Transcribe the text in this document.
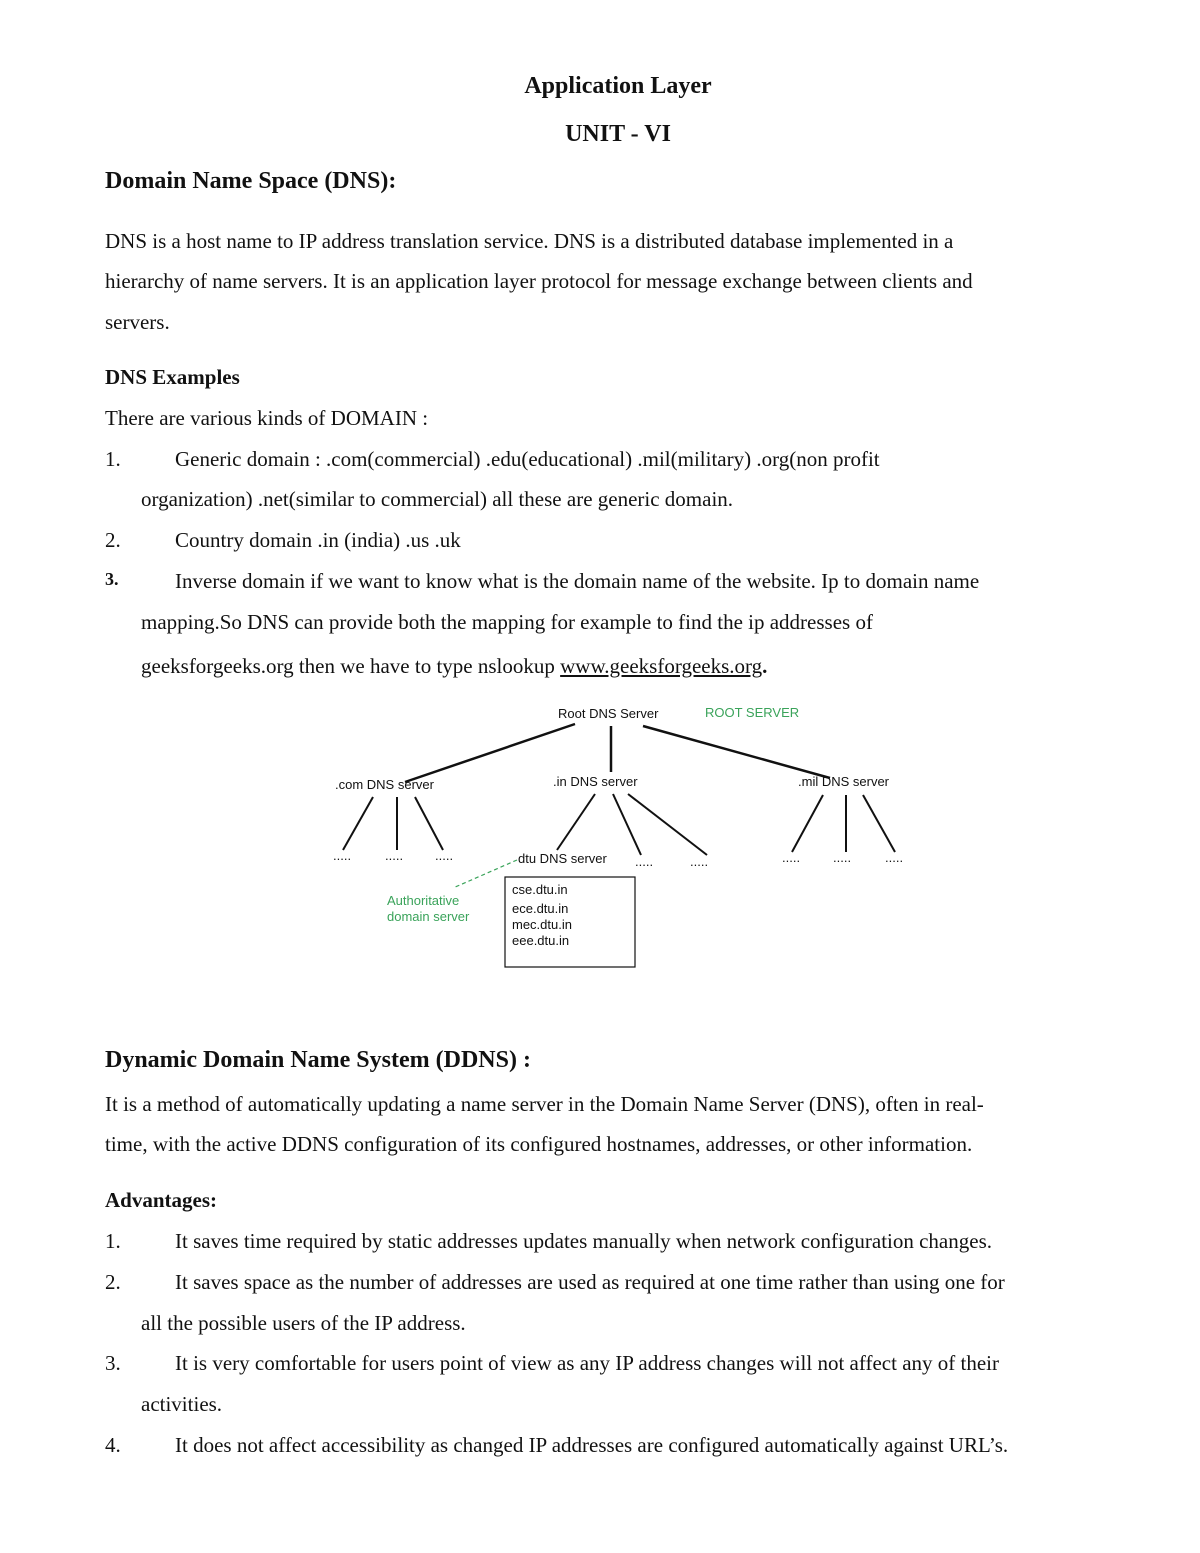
Application Layer
UNIT - VI
Domain Name Space (DNS):
DNS is a host name to IP address translation service. DNS is a distributed database implemented in a
hierarchy of name servers. It is an application layer protocol for message exchange between clients and
servers.
DNS Examples
There are various kinds of DOMAIN :
1.	Generic domain : .com(commercial) .edu(educational) .mil(military) .org(non profit
organization) .net(similar to commercial) all these are generic domain.
2.	Country domain .in (india) .us .uk
3.	Inverse domain if we want to know what is the domain name of the website. Ip to domain name
mapping.So DNS can provide both the mapping for example to find the ip addresses of
geeksforgeeks.org then we have to type nslookup www.geeksforgeeks.org.
Root DNS Server	ROOT SERVER
.com DNS server	.in DNS server	.mil DNS server
.....	..... .....	.....	.....	.....	.....	.....
dtu DNS server
Authoritative
domain server
cse.dtu.in
ece.dtu.in
mec.dtu.in
eee.dtu.in
Dynamic Domain Name System (DDNS) :
It is a method of automatically updating a name server in the Domain Name Server (DNS), often in real-
time, with the active DDNS configuration of its configured hostnames, addresses, or other information.
Advantages:
1.	It saves time required by static addresses updates manually when network configuration changes.
2.	It saves space as the number of addresses are used as required at one time rather than using one for
all the possible users of the IP address.
3.	It is very comfortable for users point of view as any IP address changes will not affect any of their
activities.
4.	It does not affect accessibility as changed IP addresses are configured automatically against URL’s.
